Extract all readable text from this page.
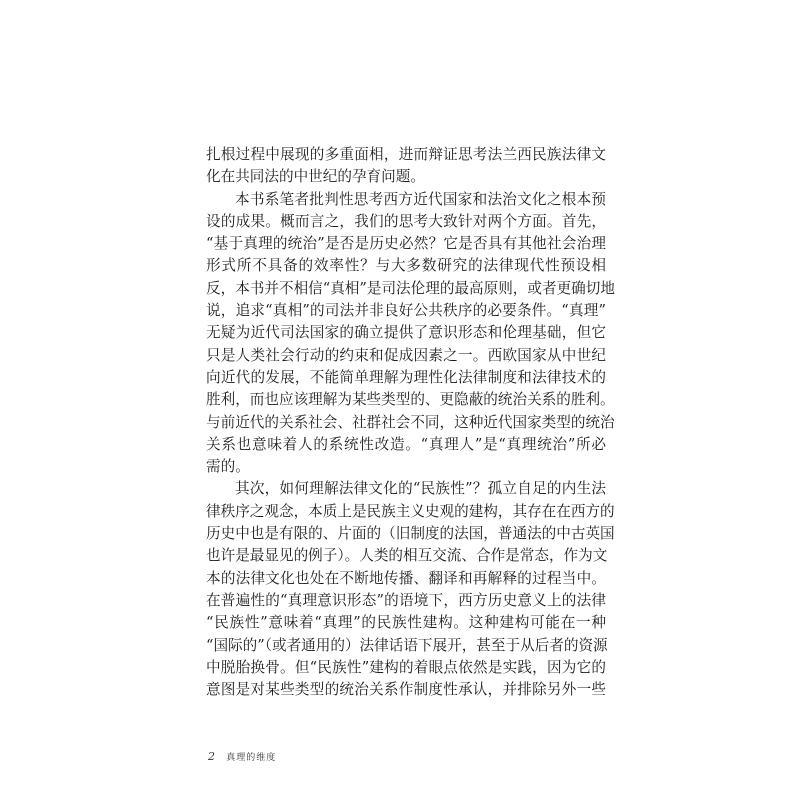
扎根过程中展现的多重面相，进而辩证思考法兰西民族法律文
化在共同法的中世纪的孕育问题。
本书系笔者批判性思考西方近代国家和法治文化之根本预
设的成果。概而言之，我们的思考大致针对两个方面。首先，
“基于真理的统治”是否是历史必然？它是否具有其他社会治理
形式所不具备的效率性？与大多数研究的法律现代性预设相
反，本书并不相信“真相”是司法伦理的最高原则，或者更确切地
说，追求“真相”的司法并非良好公共秩序的必要条件。“真理”
无疑为近代司法国家的确立提供了意识形态和伦理基础，但它
只是人类社会行动的约束和促成因素之一。西欧国家从中世纪
向近代的发展，不能简单理解为理性化法律制度和法律技术的
胜利，而也应该理解为某些类型的、更隐蔽的统治关系的胜利。
与前近代的关系社会、社群社会不同，这种近代国家类型的统治
关系也意味着人的系统性改造。“真理人”是“真理统治”所必
需的。
其次，如何理解法律文化的“民族性”？孤立自足的内生法
律秩序之观念，本质上是民族主义史观的建构，其存在在西方的
历史中也是有限的、片面的（旧制度的法国，普通法的中古英国
也许是最显见的例子）。人类的相互交流、合作是常态，作为文
本的法律文化也处在不断地传播、翻译和再解释的过程当中。
在普遍性的“真理意识形态”的语境下，西方历史意义上的法律
“民族性”意味着“真理”的民族性建构。这种建构可能在一种
“国际的”（或者通用的）法律话语下展开，甚至于从后者的资源
中脱胎换骨。但“民族性”建构的着眼点依然是实践，因为它的
意图是对某些类型的统治关系作制度性承认，并排除另外一些
2 真理的维度
